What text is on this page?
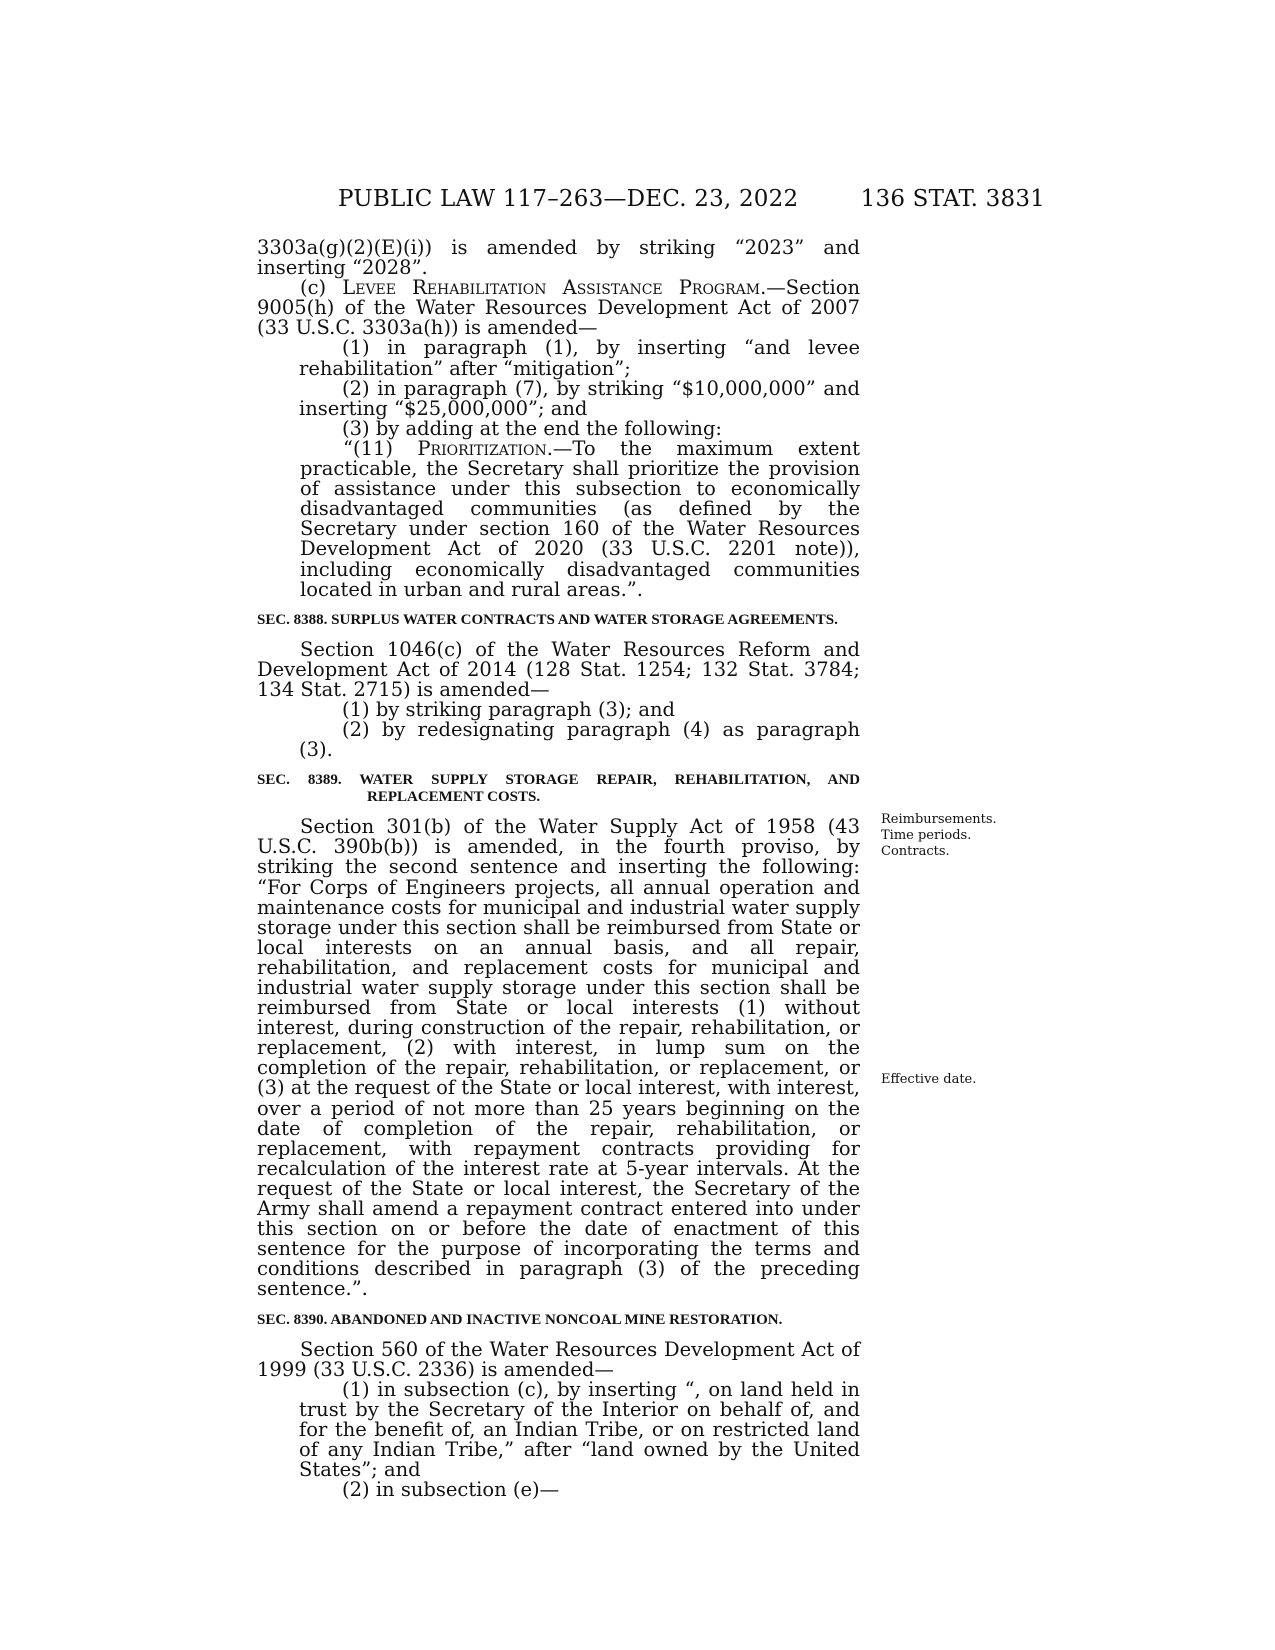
PUBLIC LAW 117–263—DEC. 23, 2022	136 STAT. 3831

3303a(g)(2)(E)(i)) is amended by striking “2023” and inserting “2028”.

(c) Levee Rehabilitation Assistance Program.—Section 9005(h) of the Water Resources Development Act of 2007 (33 U.S.C. 3303a(h)) is amended—

(1) in paragraph (1), by inserting “and levee rehabilitation” after “mitigation”;

(2) in paragraph (7), by striking “$10,000,000” and inserting “$25,000,000”; and

(3) by adding at the end the following:

“(11) Prioritization.—To the maximum extent practicable, the Secretary shall prioritize the provision of assistance under this subsection to economically disadvantaged communities (as defined by the Secretary under section 160 of the Water Resources Development Act of 2020 (33 U.S.C. 2201 note)), including economically disadvantaged communities located in urban and rural areas.”.

SEC. 8388. SURPLUS WATER CONTRACTS AND WATER STORAGE AGREEMENTS.

Section 1046(c) of the Water Resources Reform and Development Act of 2014 (128 Stat. 1254; 132 Stat. 3784; 134 Stat. 2715) is amended—

(1) by striking paragraph (3); and

(2) by redesignating paragraph (4) as paragraph (3).

SEC. 8389. WATER SUPPLY STORAGE REPAIR, REHABILITATION, AND REPLACEMENT COSTS.

Section 301(b) of the Water Supply Act of 1958 (43 U.S.C. 390b(b)) is amended, in the fourth proviso, by striking the second sentence and inserting the following: “For Corps of Engineers projects, all annual operation and maintenance costs for municipal and industrial water supply storage under this section shall be reimbursed from State or local interests on an annual basis, and all repair, rehabilitation, and replacement costs for municipal and industrial water supply storage under this section shall be reimbursed from State or local interests (1) without interest, during construction of the repair, rehabilitation, or replacement, (2) with interest, in lump sum on the completion of the repair, rehabilitation, or replacement, or (3) at the request of the State or local interest, with interest, over a period of not more than 25 years beginning on the date of completion of the repair, rehabilitation, or replacement, with repayment contracts providing for recalculation of the interest rate at 5-year intervals. At the request of the State or local interest, the Secretary of the Army shall amend a repayment contract entered into under this section on or before the date of enactment of this sentence for the purpose of incorporating the terms and conditions described in paragraph (3) of the preceding sentence.”.

SEC. 8390. ABANDONED AND INACTIVE NONCOAL MINE RESTORATION.

Section 560 of the Water Resources Development Act of 1999 (33 U.S.C. 2336) is amended—

(1) in subsection (c), by inserting “, on land held in trust by the Secretary of the Interior on behalf of, and for the benefit of, an Indian Tribe, or on restricted land of any Indian Tribe,” after “land owned by the United States”; and

(2) in subsection (e)—

Reimbursements.
Time periods.
Contracts.
Effective date.
